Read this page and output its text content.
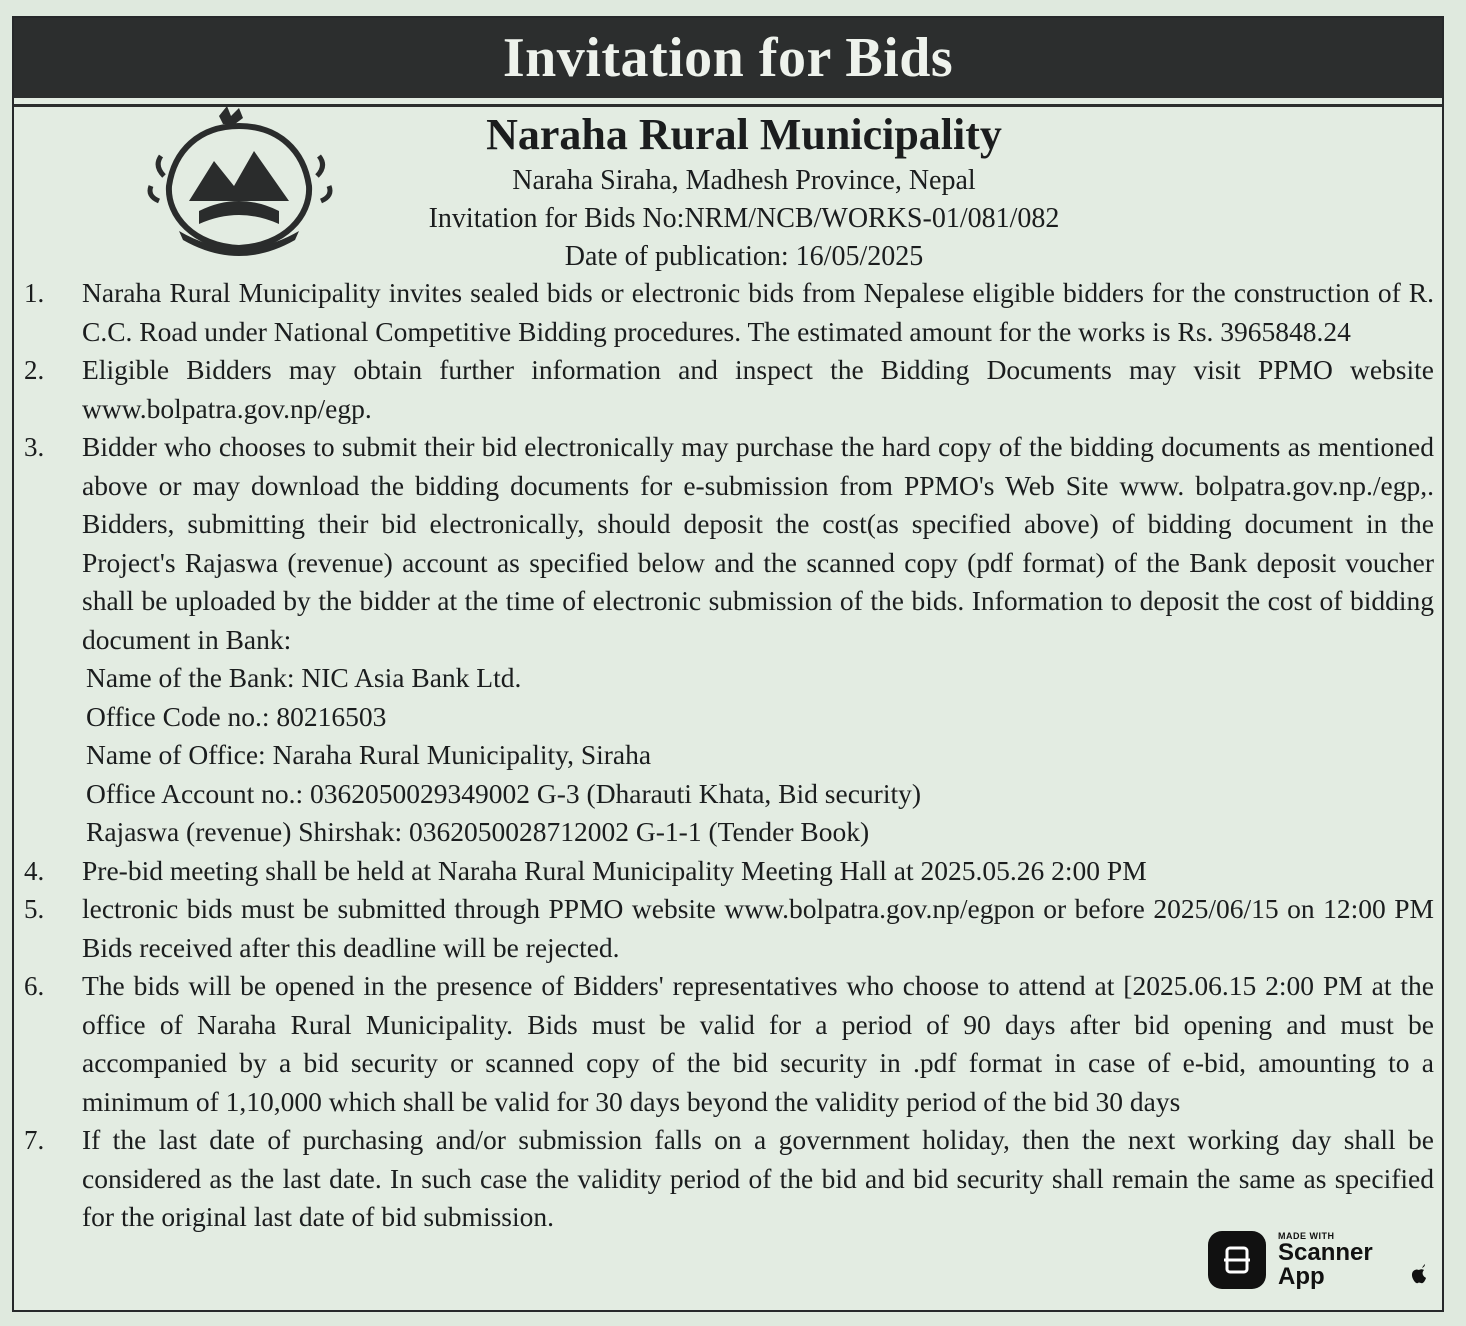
Invitation for Bids
Naraha Rural Municipality
Naraha Siraha, Madhesh Province, Nepal
Invitation for Bids No:NRM/NCB/WORKS-01/081/082
Date of publication: 16/05/2025
1.	Naraha Rural Municipality invites sealed bids or electronic bids from Nepalese eligible bidders for the construction of R. C.C. Road under National Competitive Bidding procedures. The estimated amount for the works is Rs. 3965848.24
2.	Eligible Bidders may obtain further information and inspect the Bidding Documents may visit PPMO website www.bolpatra.gov.np/egp.
3.	Bidder who chooses to submit their bid electronically may purchase the hard copy of the bidding documents as mentioned above or may download the bidding documents for e-submission from PPMO's Web Site www. bolpatra.gov.np./egp,. Bidders, submitting their bid electronically, should deposit the cost(as specified above) of bidding document in the Project's Rajaswa (revenue) account as specified below and the scanned copy (pdf format) of the Bank deposit voucher shall be uploaded by the bidder at the time of electronic submission of the bids. Information to deposit the cost of bidding document in Bank:
Name of the Bank: NIC Asia Bank Ltd.
Office Code no.: 80216503
Name of Office: Naraha Rural Municipality, Siraha
Office Account no.: 0362050029349002 G-3 (Dharauti Khata, Bid security)
Rajaswa (revenue) Shirshak: 0362050028712002 G-1-1 (Tender Book)
4.	Pre-bid meeting shall be held at Naraha Rural Municipality Meeting Hall at 2025.05.26 2:00 PM
5.	lectronic bids must be submitted through PPMO website www.bolpatra.gov.np/egpon or before 2025/06/15 on 12:00 PM Bids received after this deadline will be rejected.
6.	The bids will be opened in the presence of Bidders' representatives who choose to attend at [2025.06.15 2:00 PM at the office of Naraha Rural Municipality. Bids must be valid for a period of 90 days after bid opening and must be accompanied by a bid security or scanned copy of the bid security in .pdf format in case of e-bid, amounting to a minimum of 1,10,000 which shall be valid for 30 days beyond the validity period of the bid 30 days
7.	If the last date of purchasing and/or submission falls on a government holiday, then the next working day shall be considered as the last date. In such case the validity period of the bid and bid security shall remain the same as specified for the original last date of bid submission.
MADE WITH
Scanner
App
